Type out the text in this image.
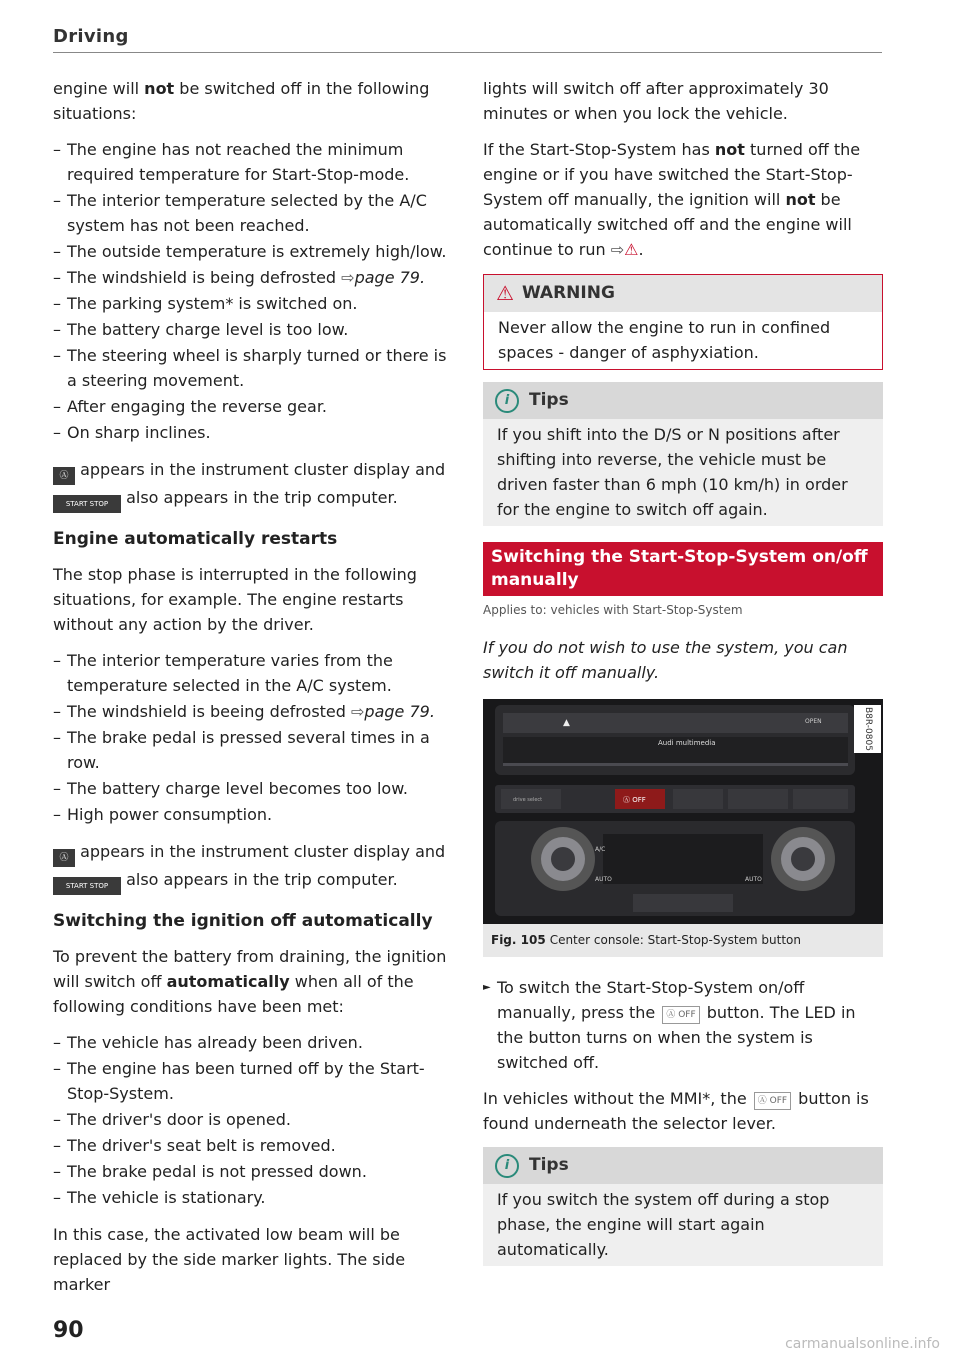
Driving

engine will not be switched off in the following situations:

– The engine has not reached the minimum required temperature for Start-Stop-mode.
– The interior temperature selected by the A/C system has not been reached.
– The outside temperature is extremely high/low.
– The windshield is being defrosted ⇨page 79.
– The parking system* is switched on.
– The battery charge level is too low.
– The steering wheel is sharply turned or there is a steering movement.
– After engaging the reverse gear.
– On sharp inclines.

Ⓐ appears in the instrument cluster display and
START STOP also appears in the trip computer.

Engine automatically restarts

The stop phase is interrupted in the following situations, for example. The engine restarts without any action by the driver.

– The interior temperature varies from the temperature selected in the A/C system.
– The windshield is beeing defrosted ⇨page 79.
– The brake pedal is pressed several times in a row.
– The battery charge level becomes too low.
– High power consumption.

Ⓐ appears in the instrument cluster display and
START STOP also appears in the trip computer.

Switching the ignition off automatically

To prevent the battery from draining, the ignition will switch off automatically when all of the following conditions have been met:

– The vehicle has already been driven.
– The engine has been turned off by the Start-Stop-System.
– The driver's door is opened.
– The driver's seat belt is removed.
– The brake pedal is not pressed down.
– The vehicle is stationary.

In this case, the activated low beam will be replaced by the side marker lights. The side marker

lights will switch off after approximately 30 minutes or when you lock the vehicle.

If the Start-Stop-System has not turned off the engine or if you have switched the Start-Stop-System off manually, the ignition will not be automatically switched off and the engine will continue to run ⇨⚠.

⚠ WARNING
Never allow the engine to run in confined spaces - danger of asphyxiation.
i	Tips
If you shift into the D/S or N positions after shifting into reverse, the vehicle must be driven faster than 6 mph (10 km/h) in order for the engine to switch off again.
Switching the Start-Stop-System on/off manually
Applies to: vehicles with Start-Stop-System
If you do not wish to use the system, you can switch it off manually.
▲
Audi multimedia
OPEN
drive select	Ⓐ OFF
A/C
AUTO	AUTO
B8R-0805
Fig. 105 Center console: Start-Stop-System button

► To switch the Start-Stop-System on/off manually, press the Ⓐ OFF button. The LED in the button turns on when the system is switched off.

In vehicles without the MMI*, the Ⓐ OFF button is found underneath the selector lever.

i	Tips
If you switch the system off during a stop phase, the engine will start again automatically.
90
carmanualsonline.info
